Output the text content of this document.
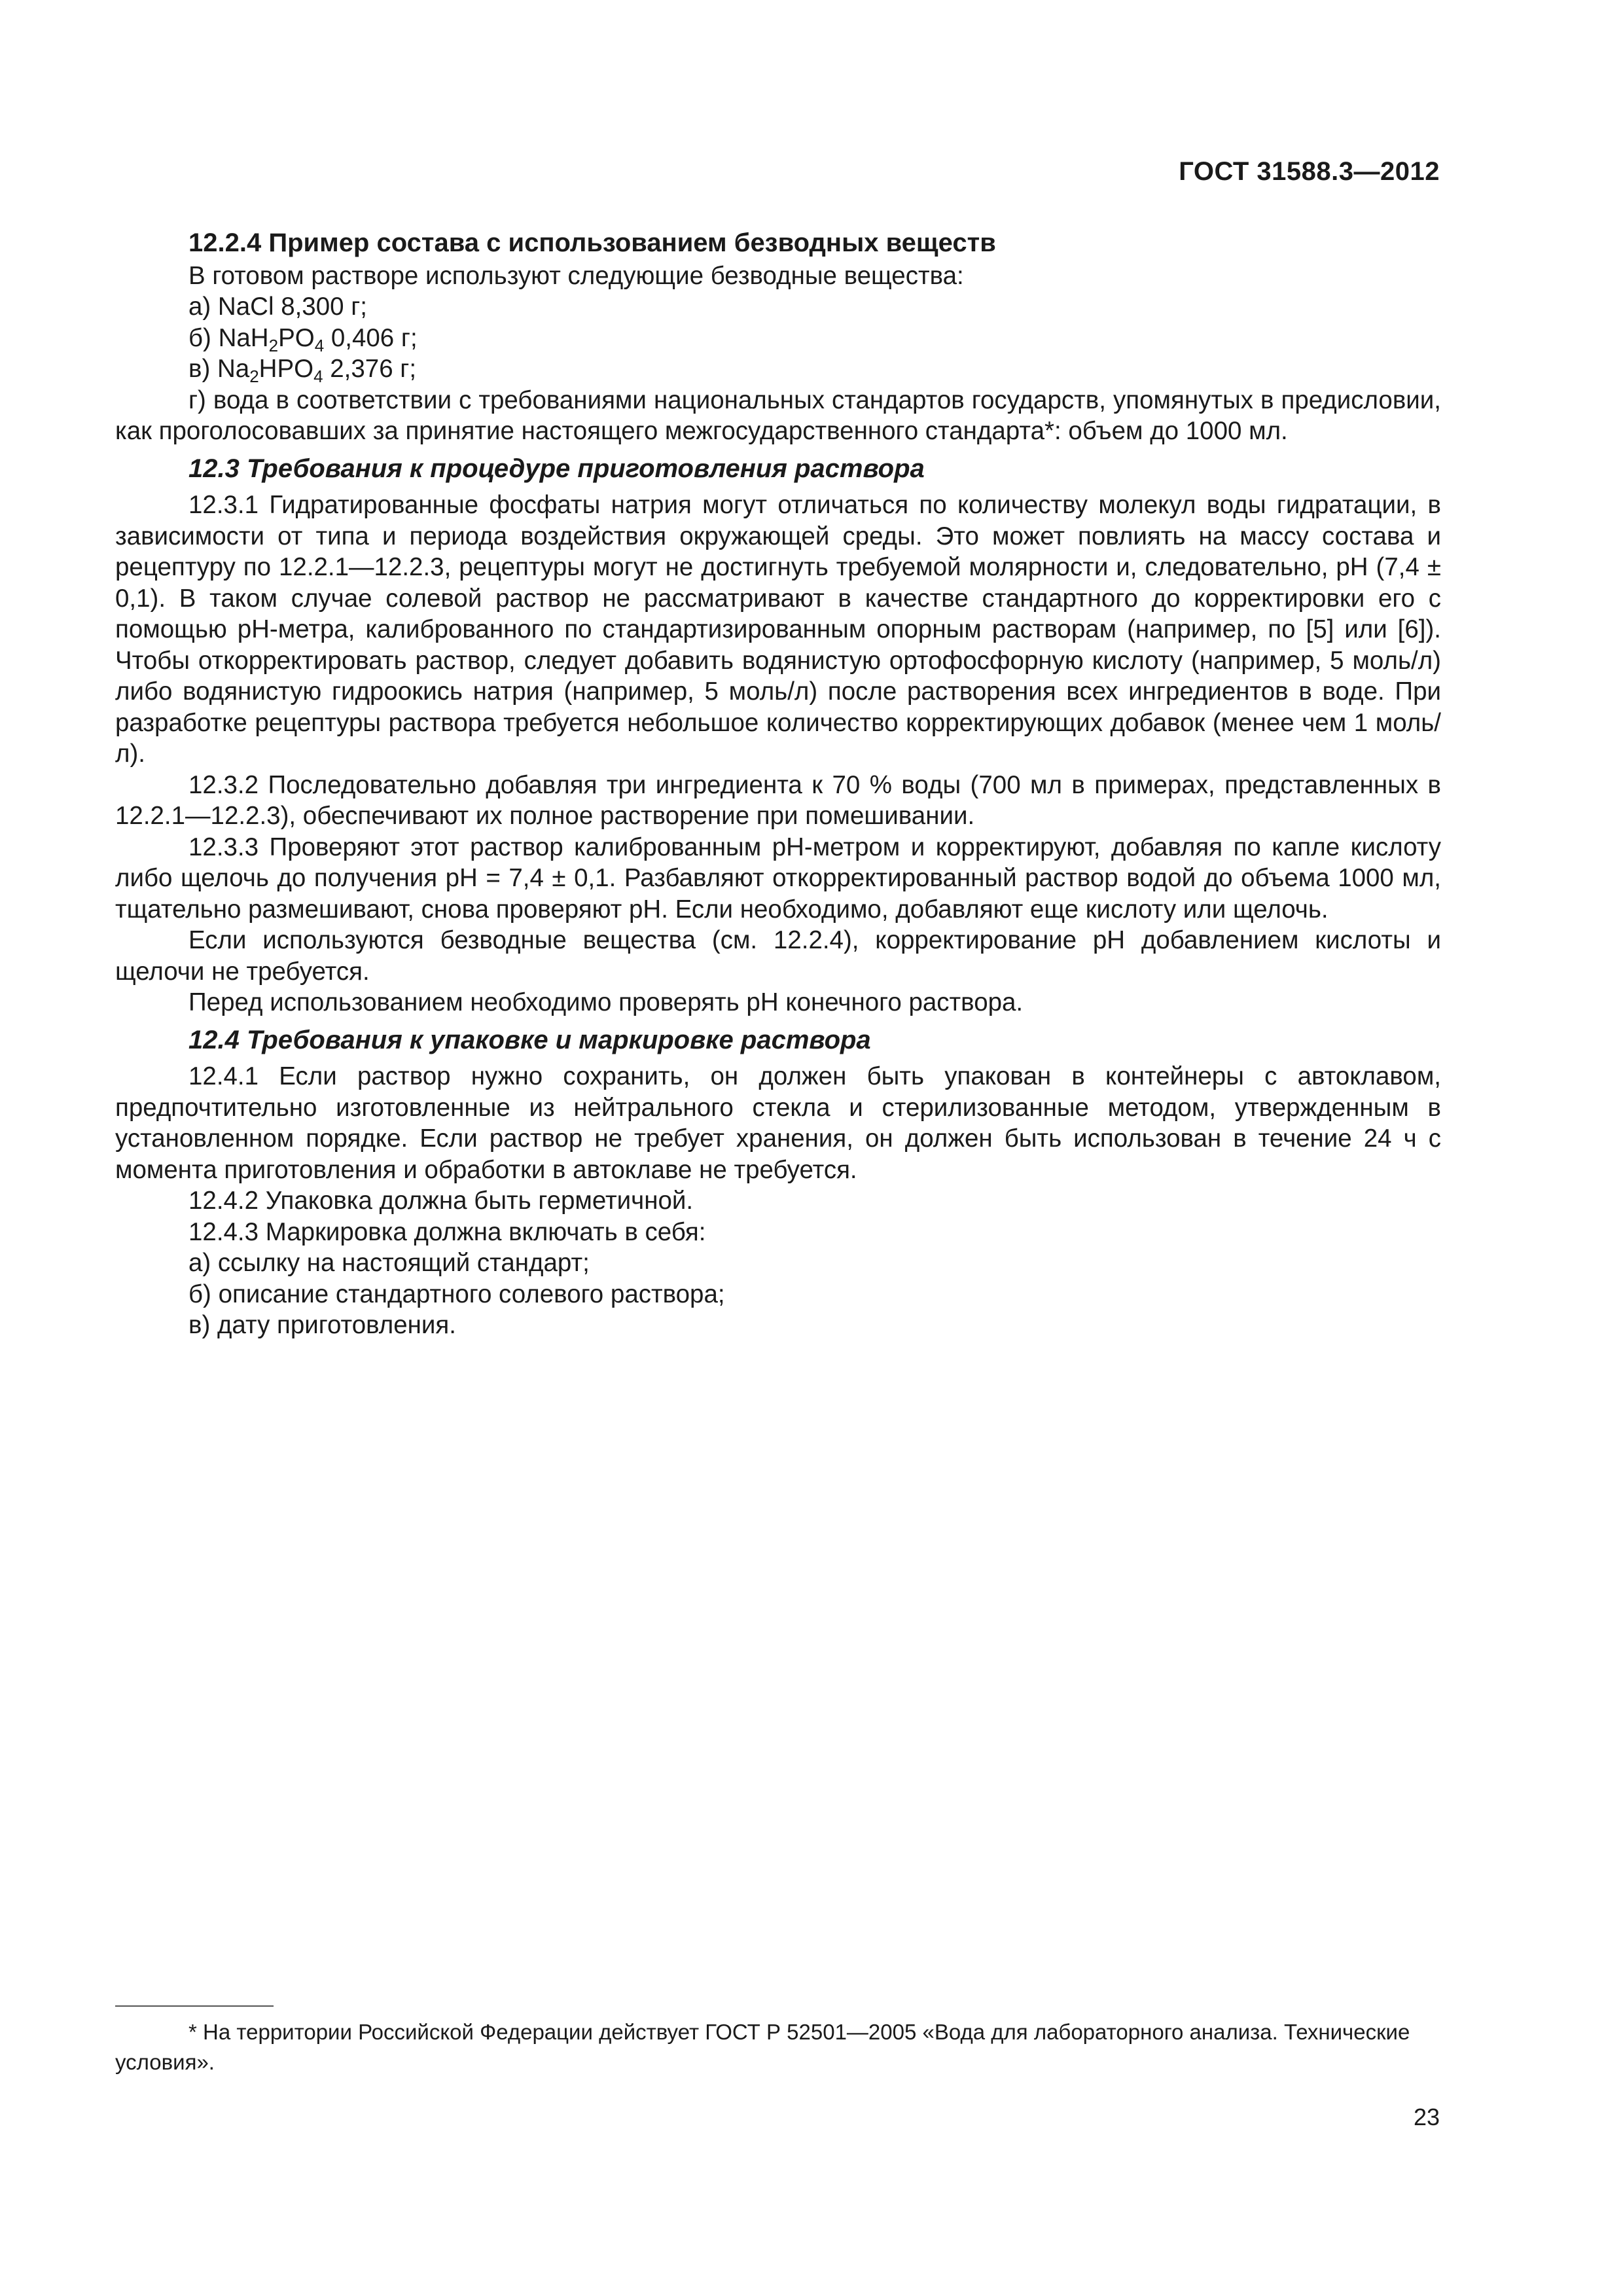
ГОСТ 31588.3—2012

12.2.4 Пример состава с использованием безводных веществ

В готовом растворе используют следующие безводные вещества:

а) NaCl 8,300 г;

б) $NaH_2PO_4$ 0,406 г;

в) $Na_2HPO_4$ 2,376 г;

г) вода в соответствии с требованиями национальных стандартов государств, упомянутых в предисловии, как проголосовавших за принятие настоящего межгосударственного стандарта*: объем до 1000 мл.

12.3 Требования к процедуре приготовления раствора

12.3.1 Гидратированные фосфаты натрия могут отличаться по количеству молекул воды гидратации, в зависимости от типа и периода воздействия окружающей среды. Это может повлиять на массу состава и рецептуру по 12.2.1—12.2.3, рецептуры могут не достигнуть требуемой молярности и, следовательно, рН (7,4 ± 0,1). В таком случае солевой раствор не рассматривают в качестве стандартного до корректировки его с помощью рН-метра, калиброванного по стандартизированным опорным растворам (например, по [5] или [6]). Чтобы откорректировать раствор, следует добавить водянистую ортофосфорную кислоту (например, 5 моль/л) либо водянистую гидроокись натрия (например, 5 моль/л) после растворения всех ингредиентов в воде. При разработке рецептуры раствора требуется небольшое количество корректирующих добавок (менее чем 1 моль/л).

12.3.2 Последовательно добавляя три ингредиента к 70 % воды (700 мл в примерах, представленных в 12.2.1—12.2.3), обеспечивают их полное растворение при помешивании.

12.3.3 Проверяют этот раствор калиброванным рН-метром и корректируют, добавляя по капле кислоту либо щелочь до получения рН = 7,4 ± 0,1. Разбавляют откорректированный раствор водой до объема 1000 мл, тщательно размешивают, снова проверяют рН. Если необходимо, добавляют еще кислоту или щелочь.

Если используются безводные вещества (см. 12.2.4), корректирование рН добавлением кислоты и щелочи не требуется.

Перед использованием необходимо проверять рН конечного раствора.

12.4 Требования к упаковке и маркировке раствора

12.4.1 Если раствор нужно сохранить, он должен быть упакован в контейнеры с автоклавом, предпочтительно изготовленные из нейтрального стекла и стерилизованные методом, утвержденным в установленном порядке. Если раствор не требует хранения, он должен быть использован в течение 24 ч с момента приготовления и обработки в автоклаве не требуется.

12.4.2 Упаковка должна быть герметичной.

12.4.3 Маркировка должна включать в себя:

а) ссылку на настоящий стандарт;

б) описание стандартного солевого раствора;

в) дату приготовления.

* На территории Российской Федерации действует ГОСТ Р 52501—2005 «Вода для лабораторного анализа. Технические условия».

23
